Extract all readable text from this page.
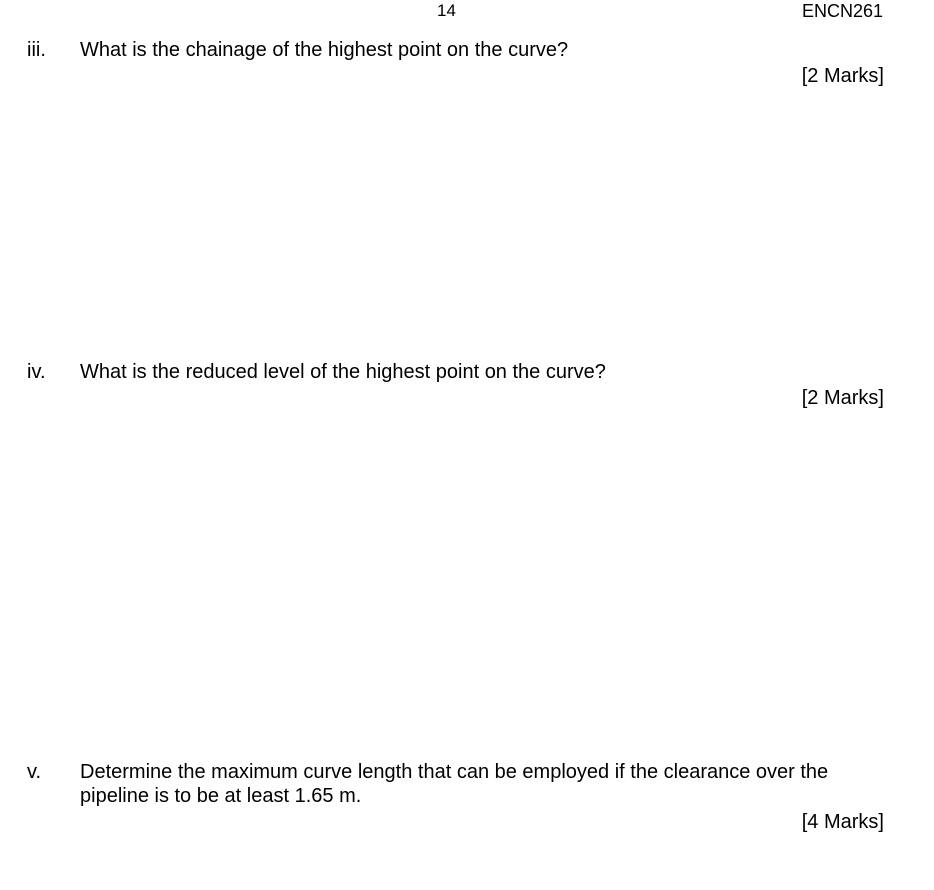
14	ENCN261
iii. What is the chainage of the highest point on the curve?
[2 Marks]
iv. What is the reduced level of the highest point on the curve?
[2 Marks]
v. Determine the maximum curve length that can be employed if the clearance over the pipeline is to be at least 1.65 m.
[4 Marks]
